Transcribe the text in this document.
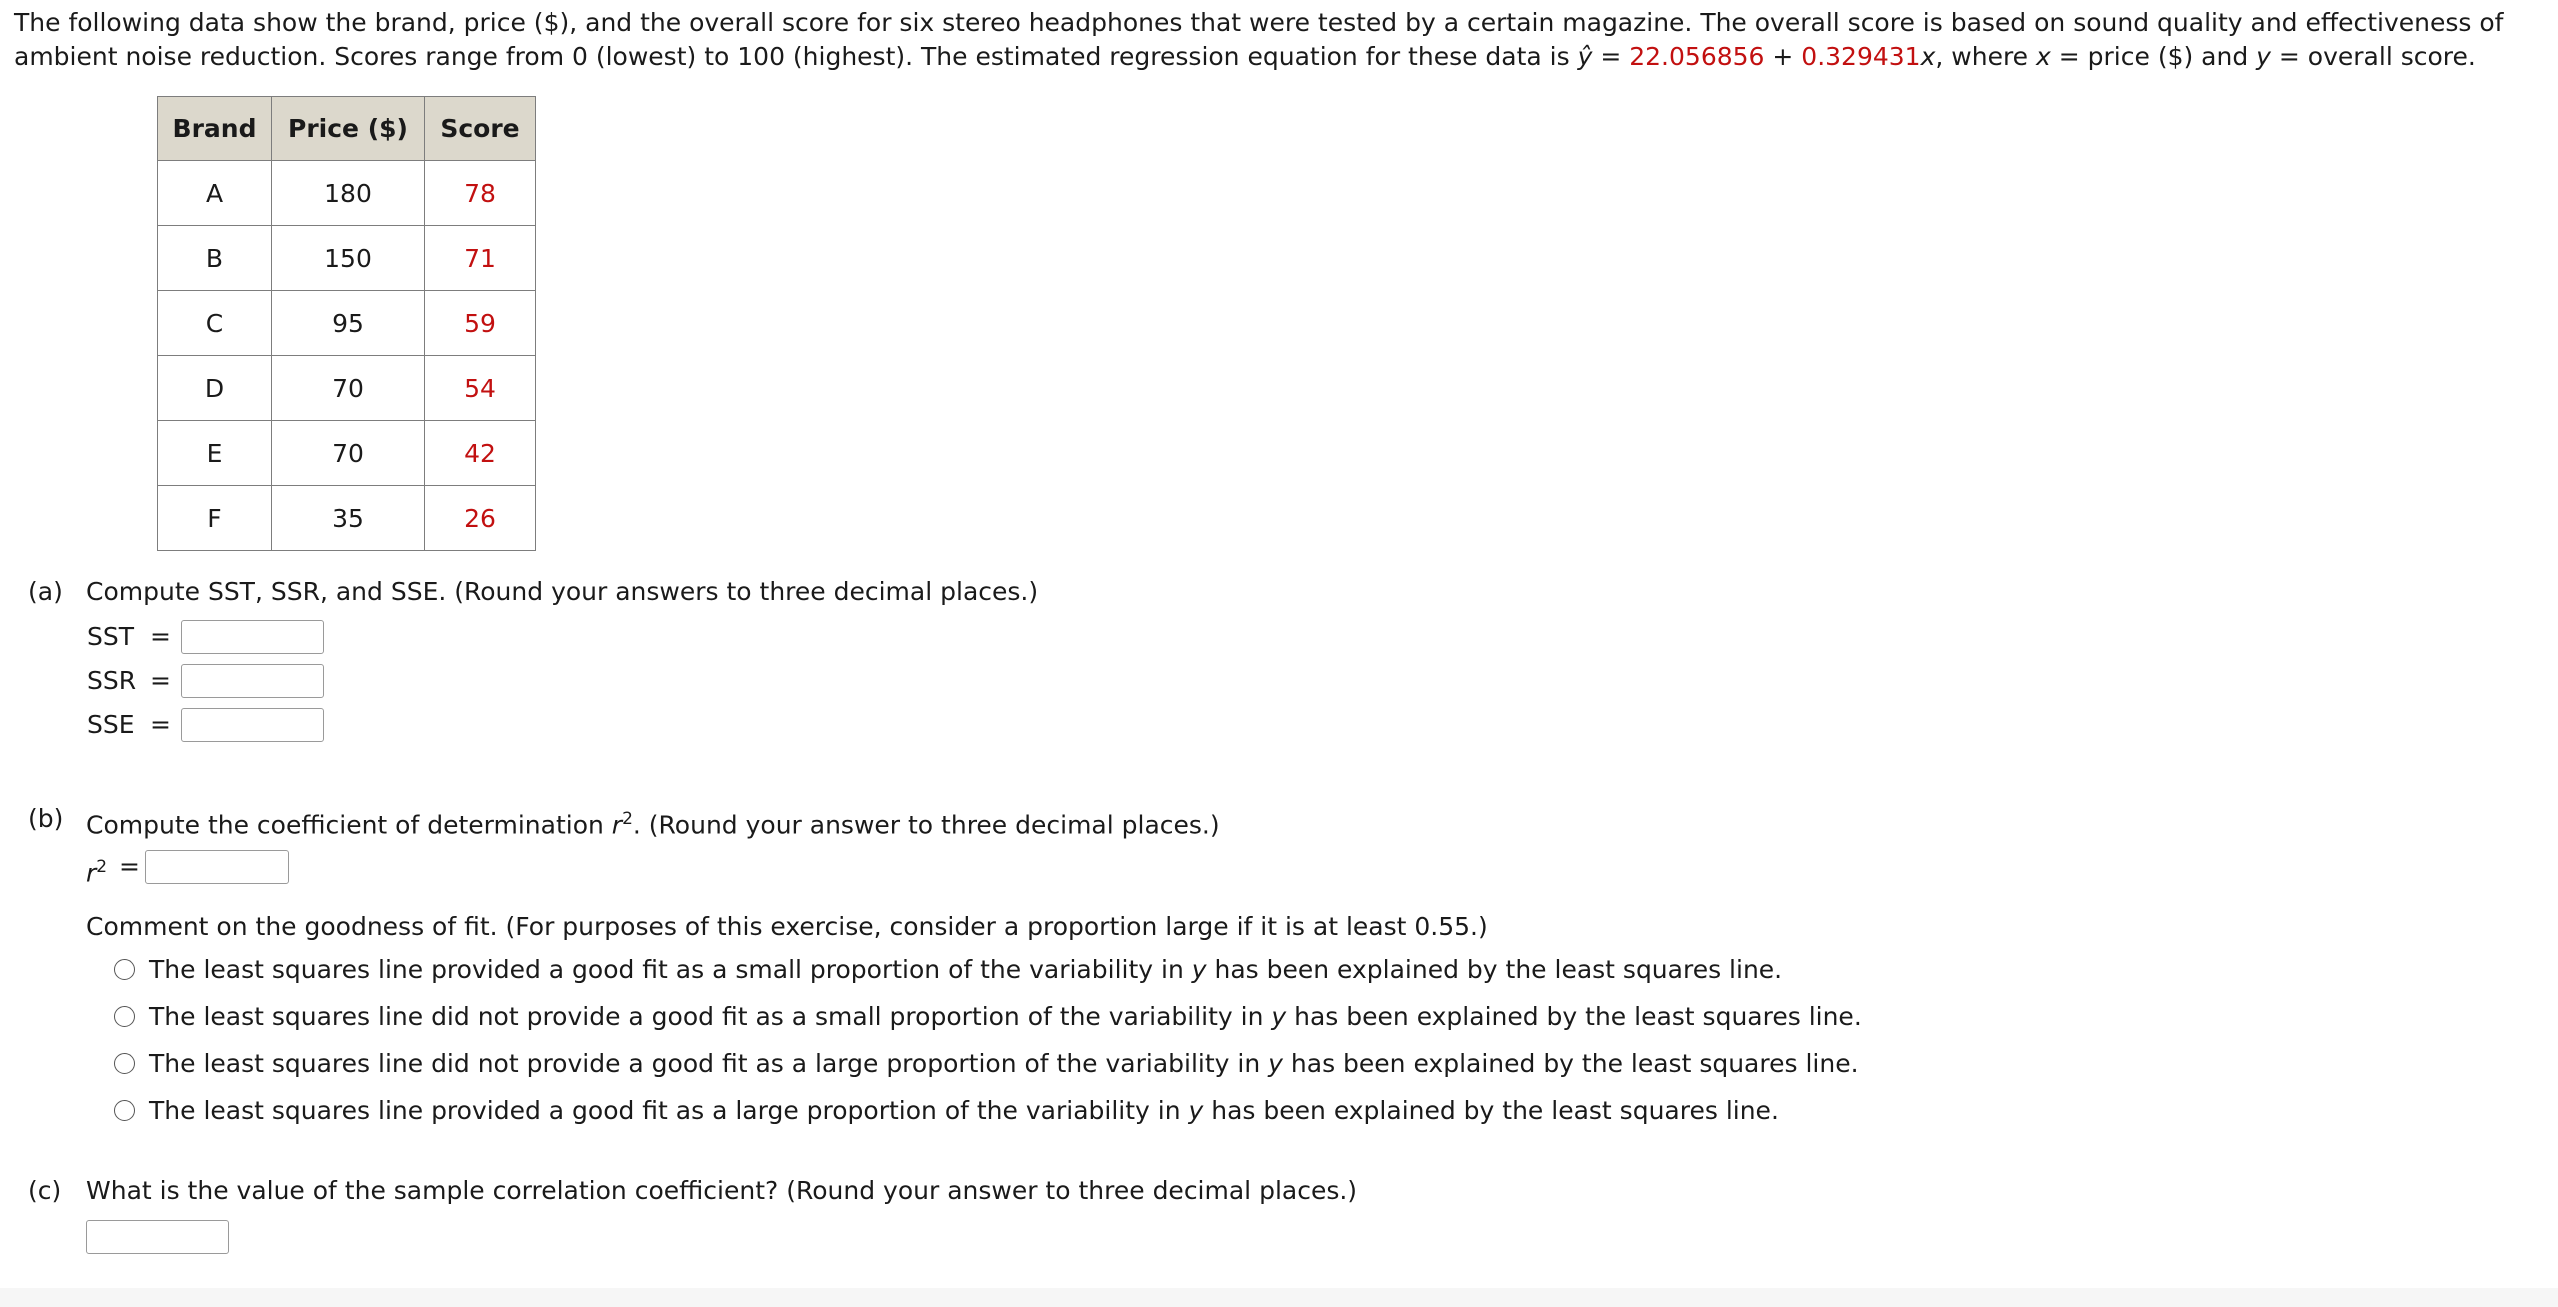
The following data show the brand, price ($), and the overall score for six stereo headphones that were tested by a certain magazine. The overall score is based on sound quality and effectiveness of ambient noise reduction. Scores range from 0 (lowest) to 100 (highest). The estimated regression equation for these data is ŷ = 22.056856 + 0.329431x, where x = price ($) and y = overall score.
Brand	Price ($)	Score
A	180	78
B	150	71
C	95	59
D	70	54
E	70	42
F	35	26
(a) Compute SST, SSR, and SSE. (Round your answers to three decimal places.)
SST =
SSR =
SSE =
(b) Compute the coefficient of determination $r^2$. (Round your answer to three decimal places.)
$r^2$ =
Comment on the goodness of fit. (For purposes of this exercise, consider a proportion large if it is at least 0.55.)
The least squares line provided a good fit as a small proportion of the variability in y has been explained by the least squares line.
The least squares line did not provide a good fit as a small proportion of the variability in y has been explained by the least squares line.
The least squares line did not provide a good fit as a large proportion of the variability in y has been explained by the least squares line.
The least squares line provided a good fit as a large proportion of the variability in y has been explained by the least squares line.
(c) What is the value of the sample correlation coefficient? (Round your answer to three decimal places.)
